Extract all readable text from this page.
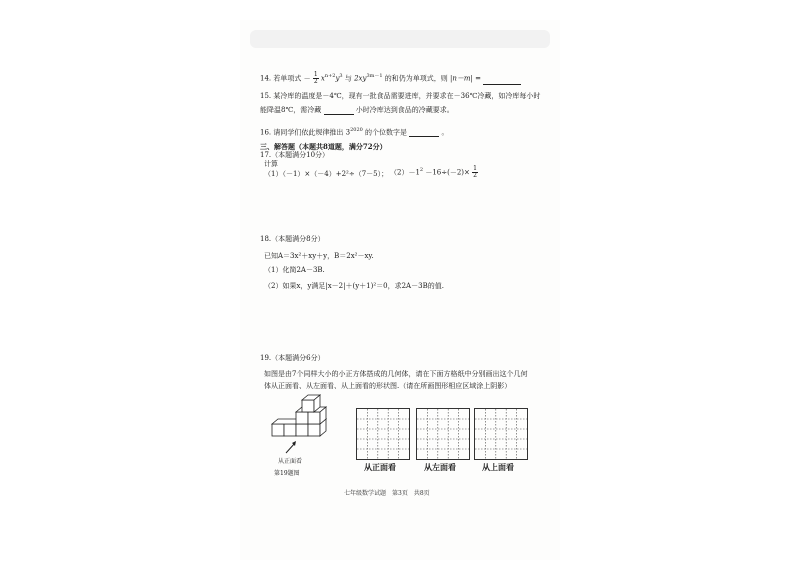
14. 若单项式 － $\frac{1}{2} x^{n+2}y^3$ 与 $2xy^{3m-1}$ 的和仍为单项式，则 |n－m| =
15. 某冷库的温度是－4℃，现有一批食品需要进库，并要求在－36℃冷藏，如冷库每小时
能降温8℃，需冷藏	小时冷库达到食品的冷藏要求。
16. 请同学们依此规律推出 $3^{2020}$ 的个位数字是	。
三、解答题（本题共8道题，满分72分）
17.（本题满分10分）
计算
（1）（－1）×（－4）+2²÷（7－5）； $(2)-1^2 -16\div(-2)\times \frac{1}{2}$
18.（本题满分8分）
已知A＝3x²＋xy＋y，B＝2x²－xy.
（1）化简2A－3B.
（2）如果x，y满足|x－2|＋(y＋1)²＝0，求2A－3B的值.
19.（本题满分6分）
如图是由7个同样大小的小正方体搭成的几何体，请在下面方格纸中分别画出这个几何
体从正面看、从左面看、从上面看的形状图.（请在所画图形相应区域涂上阴影）
从正面看
第19题图
从正面看	从左面看	从上面看
七年级数学试题　第3页　共8页
